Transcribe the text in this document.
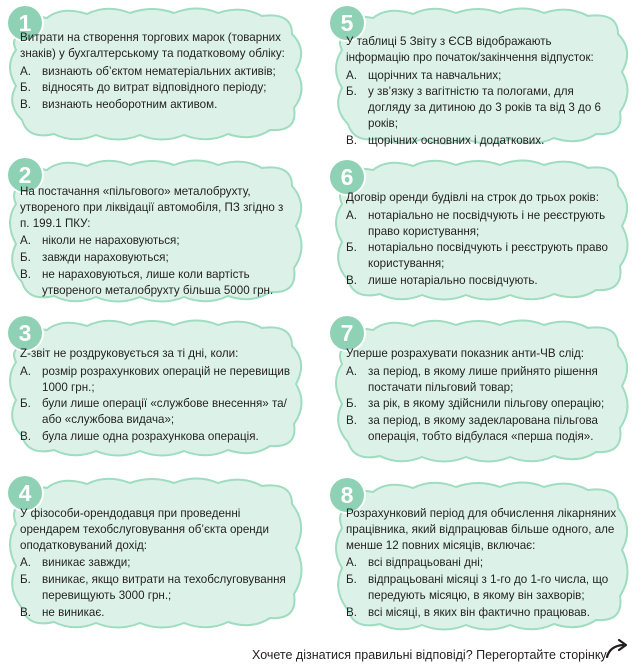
1
Витрати на створення торгових марок (товарних знаків) у бухгалтерському та податковому обліку:
А. визнають об’єктом нематеріальних активів;
Б. відносять до витрат відповідного періоду;
В. визнають необоротним активом.
2
На постачання «пільгового» металобрухту, утвореного при ліквідації автомобіля, ПЗ згідно з п. 199.1 ПКУ:
А. ніколи не нараховуються;
Б. завжди нараховуються;
В. не нараховуються, лише коли вартість утвореного металобрухту більша 5000 грн.
3
Z-звіт не роздруковується за ті дні, коли:
А. розмір розрахункових операцій не перевищив 1000 грн.;
Б. були лише операції «службове внесення» та/або «службова видача»;
В. була лише одна розрахункова операція.
4
У фізособи-орендодавця при проведенні орендарем техобслуговування об’єкта оренди оподатковуваний дохід:
А. виникає завжди;
Б. виникає, якщо витрати на техобслуговування перевищують 3000 грн.;
В. не виникає.
5
У таблиці 5 Звіту з ЄСВ відображають інформацію про початок/закінчення відпусток:
А. щорічних та навчальних;
Б. у зв’язку з вагітністю та пологами, для догляду за дитиною до 3 років та від 3 до 6 років;
В. щорічних основних і додаткових.
6
Договір оренди будівлі на строк до трьох років:
А. нотаріально не посвідчують і не реєструють право користування;
Б. нотаріально посвідчують і реєструють право користування;
В. лише нотаріально посвідчують.
7
Уперше розрахувати показник анти-ЧВ слід:
А. за період, в якому лише прийнято рішення постачати пільговий товар;
Б. за рік, в якому здійснили пільгову операцію;
В. за період, в якому задекларована пільгова операція, тобто відбулася «перша подія».
8
Розрахунковий період для обчислення лікарняних працівника, який відпрацював більше одного, але менше 12 повних місяців, включає:
А. всі відпрацьовані дні;
Б. відпрацьовані місяці з 1-го до 1-го числа, що передують місяцю, в якому він захворів;
В. всі місяці, в яких він фактично працював.
Хочете дізнатися правильні відповіді? Перегортайте сторінку
